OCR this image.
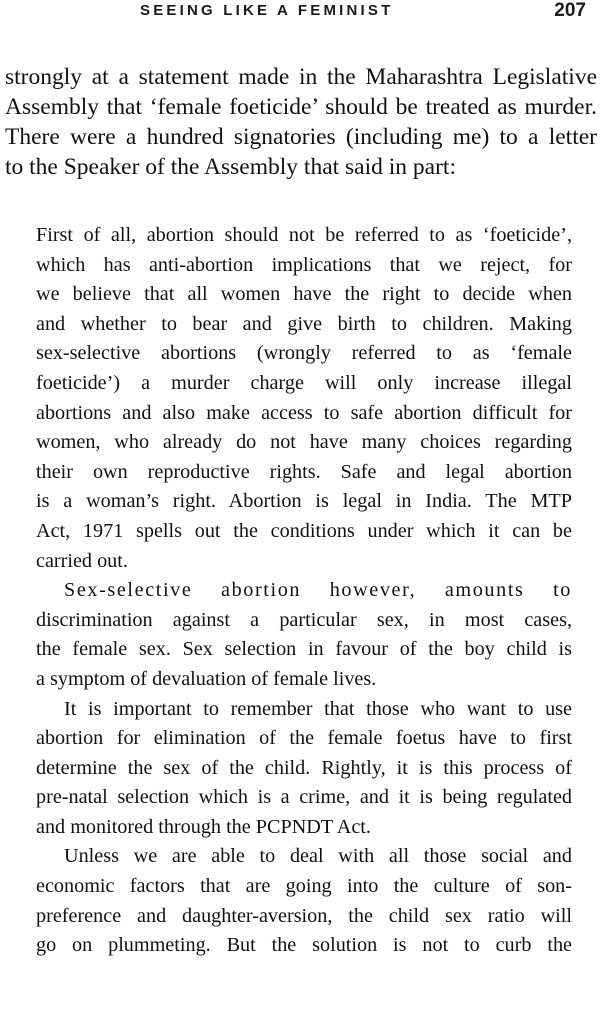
SEEING LIKE A FEMINIST	207
strongly at a statement made in the Maharashtra Legislative
Assembly that ‘female foeticide’ should be treated as murder.
There were a hundred signatories (including me) to a letter
to the Speaker of the Assembly that said in part:
First of all, abortion should not be referred to as ‘foeticide’,
which has anti-abortion implications that we reject, for
we believe that all women have the right to decide when
and whether to bear and give birth to children. Making
sex-selective abortions (wrongly referred to as ‘female
foeticide’) a murder charge will only increase illegal
abortions and also make access to safe abortion difficult for
women, who already do not have many choices regarding
their own reproductive rights. Safe and legal abortion
is a woman’s right. Abortion is legal in India. The MTP
Act, 1971 spells out the conditions under which it can be
carried out.
Sex-selective abortion however, amounts to
discrimination against a particular sex, in most cases,
the female sex. Sex selection in favour of the boy child is
a symptom of devaluation of female lives.
It is important to remember that those who want to use
abortion for elimination of the female foetus have to first
determine the sex of the child. Rightly, it is this process of
pre-natal selection which is a crime, and it is being regulated
and monitored through the PCPNDT Act.
Unless we are able to deal with all those social and
economic factors that are going into the culture of son-
preference and daughter-aversion, the child sex ratio will
go on plummeting. But the solution is not to curb the
